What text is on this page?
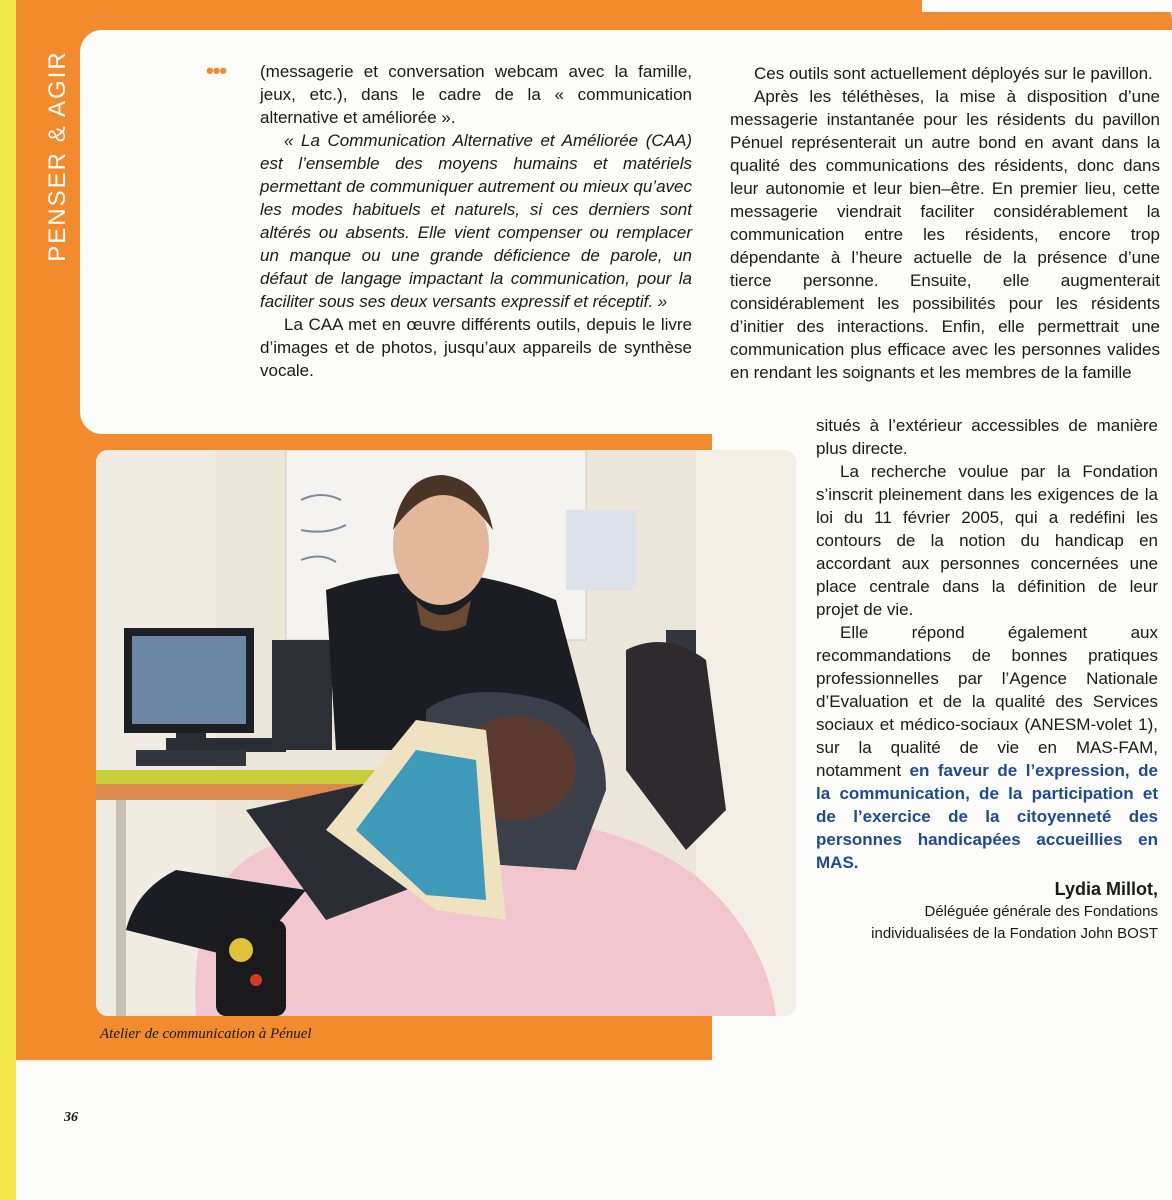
PENSER & AGIR	••• (messagerie et conversation webcam avec la famille, jeux, etc.), dans le cadre de la « communication alternative et améliorée ».

« La Communication Alternative et Améliorée (CAA) est l’ensemble des moyens humains et matériels permettant de communiquer autrement ou mieux qu’avec les modes habituels et naturels, si ces derniers sont altérés ou absents. Elle vient compenser ou remplacer un manque ou une grande déficience de parole, un défaut de langage impactant la communication, pour la faciliter sous ses deux versants expressif et réceptif. »

La CAA met en œuvre différents outils, depuis le livre d’images et de photos, jusqu’aux appareils de synthèse vocale.

Ces outils sont actuellement déployés sur le pavillon.

Après les téléthèses, la mise à disposition d’une messagerie instantanée pour les résidents du pavillon Pénuel représenterait un autre bond en avant dans la qualité des communications des résidents, donc dans leur autonomie et leur bien–être. En premier lieu, cette messagerie viendrait faciliter considérablement la communication entre les résidents, encore trop dépendante à l’heure actuelle de la présence d’une tierce personne. Ensuite, elle augmenterait considérablement les possibilités pour les résidents d’initier des interactions. Enfin, elle permettrait une communication plus efficace avec les personnes valides en rendant les soignants et les membres de la famille

situés à l’extérieur accessibles de manière plus directe.

La recherche voulue par la Fondation s’inscrit pleinement dans les exigences de la loi du 11 février 2005, qui a redéfini les contours de la notion du handicap en accordant aux personnes concernées une place centrale dans la définition de leur projet de vie.

Elle répond également aux recommandations de bonnes pratiques professionnelles par l’Agence Nationale d’Evaluation et de la qualité des Services sociaux et médico-sociaux (ANESM-volet 1), sur la qualité de vie en MAS-FAM, notamment en faveur de l’expression, de la communication, de la participation et de l’exercice de la citoyenneté des personnes handicapées accueillies en MAS.

Lydia Millot,
Déléguée générale des Fondations
individualisées de la Fondation John BOST
Atelier de communication à Pénuel
36
